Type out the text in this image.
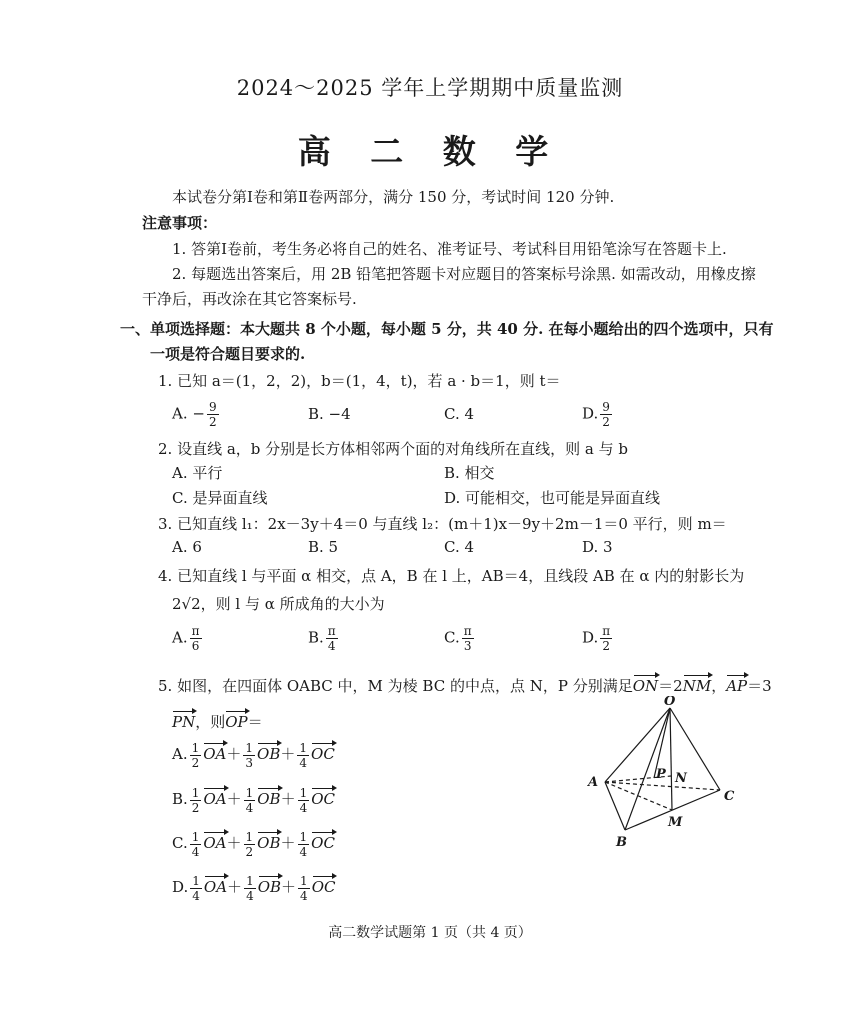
2024～2025 学年上学期期中质量监测
高 二 数 学
本试卷分第Ⅰ卷和第Ⅱ卷两部分，满分 150 分，考试时间 120 分钟.
注意事项：
1. 答第Ⅰ卷前，考生务必将自己的姓名、准考证号、考试科目用铅笔涂写在答题卡上.
2. 每题选出答案后，用 2B 铅笔把答题卡对应题目的答案标号涂黑. 如需改动，用橡皮擦
干净后，再改涂在其它答案标号.
一、单项选择题：本大题共 8 个小题，每小题 5 分，共 40 分. 在每小题给出的四个选项中，只有
一项是符合题目要求的.
1. 已知 a＝(1，2，2)，b＝(1，4，t)，若 a · b＝1，则 t＝
A. − $\frac{9}{2}$	B. −4	C. 4	D. $\frac{9}{2}$
2. 设直线 a，b 分别是长方体相邻两个面的对角线所在直线，则 a 与 b
A. 平行	B. 相交
C. 是异面直线	D. 可能相交，也可能是异面直线
3. 已知直线 l₁：2x－3y＋4＝0 与直线 l₂：(m＋1)x－9y＋2m－1＝0 平行，则 m＝
A. 6	B. 5	C. 4	D. 3
4. 已知直线 l 与平面 α 相交，点 A，B 在 l 上，AB＝4，且线段 AB 在 α 内的射影长为
2√2，则 l 与 α 所成角的大小为
A. $\frac{\pi}{6}$	B. $\frac{\pi}{4}$	C. $\frac{\pi}{3}$	D. $\frac{\pi}{2}$
5. 如图，在四面体 OABC 中，M 为棱 BC 的中点，点 N，P 分别满足ON＝2NM，AP＝3
PN，则OP＝
A. $\frac{1}{2} OA+ \frac{1}{3} OB+ \frac{1}{4}$ OC
B. $\frac{1}{2} OA+ \frac{1}{4} OB+ \frac{1}{4}$ OC
C. $\frac{1}{4} OA+ \frac{1}{2} OB+ \frac{1}{4}$ OC
D. $\frac{1}{4} OA+ \frac{1}{4} OB+ \frac{1}{4}$ OC
O
A
B
C
M
N
P
高二数学试题第 1 页（共 4 页）
